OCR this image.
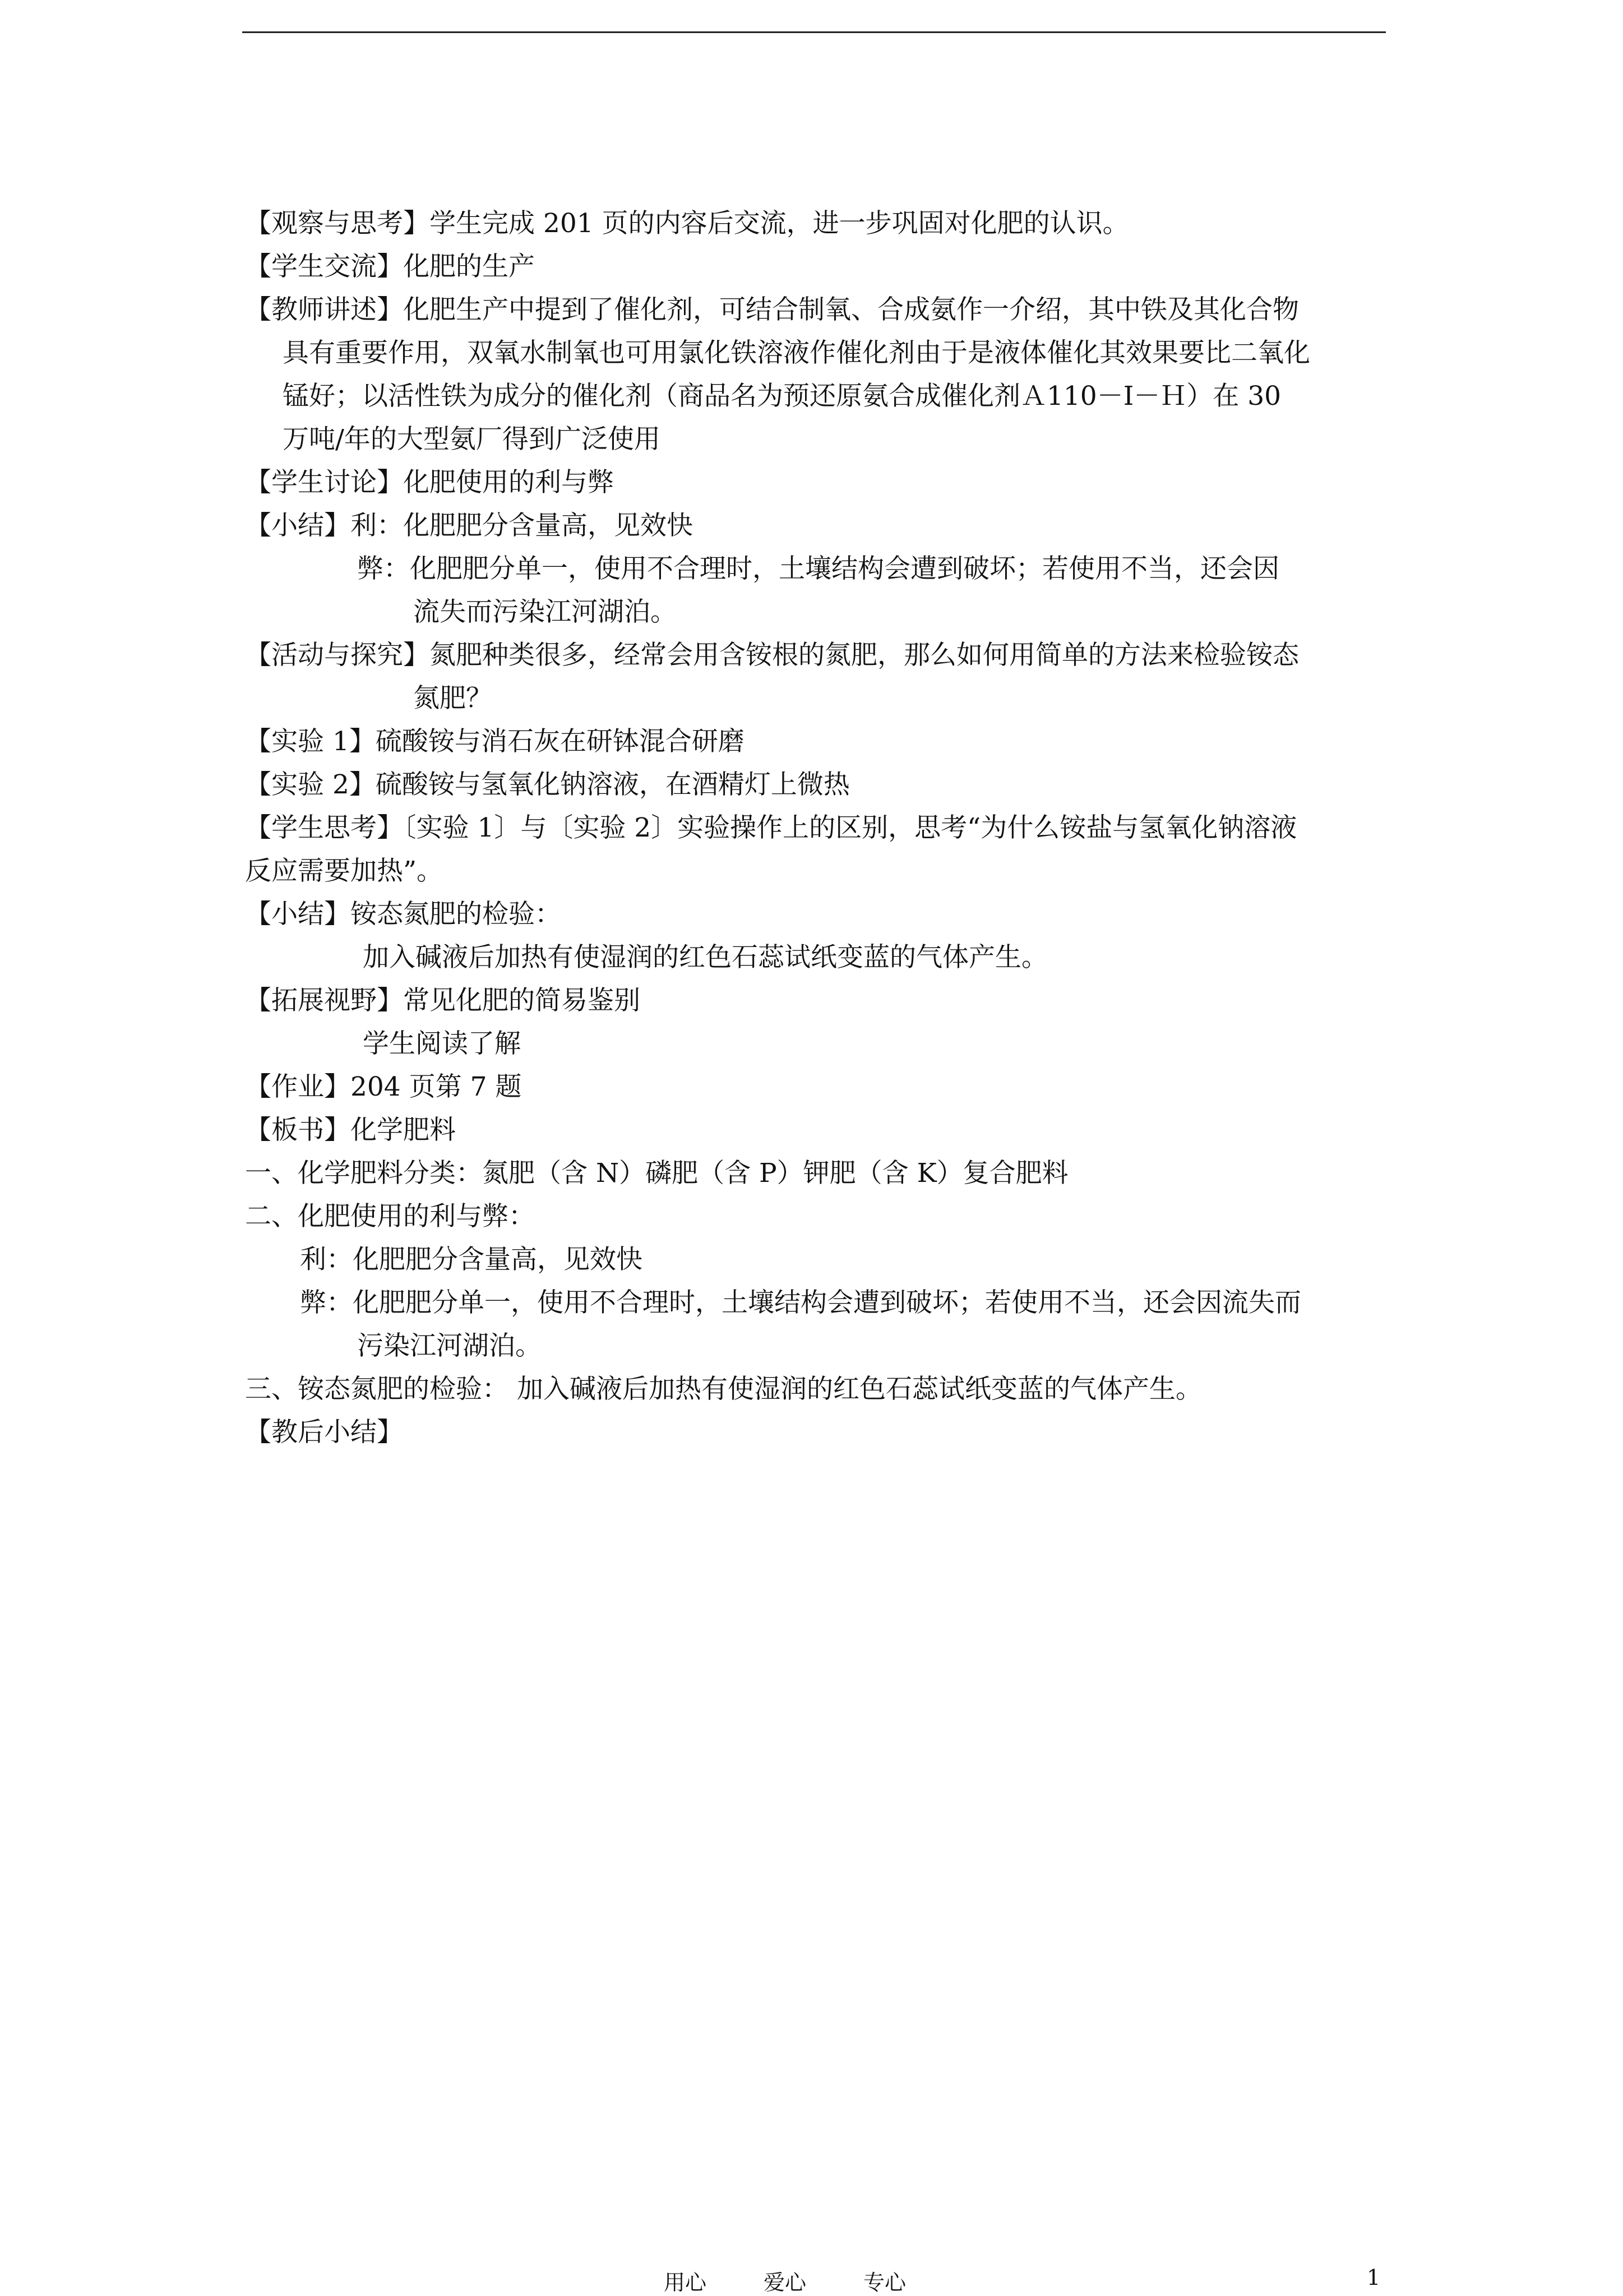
【观察与思考】学生完成 201 页的内容后交流，进一步巩固对化肥的认识。
【学生交流】化肥的生产
【教师讲述】化肥生产中提到了催化剂，可结合制氧、合成氨作一介绍，其中铁及其化合物
具有重要作用，双氧水制氧也可用氯化铁溶液作催化剂由于是液体催化其效果要比二氧化
锰好；以活性铁为成分的催化剂（商品名为预还原氨合成催化剂Ａ110－Ⅰ－Ｈ）在 30
万吨/年的大型氨厂得到广泛使用
【学生讨论】化肥使用的利与弊
【小结】利：化肥肥分含量高，见效快
弊：化肥肥分单一，使用不合理时，土壤结构会遭到破坏；若使用不当，还会因
流失而污染江河湖泊。
【活动与探究】氮肥种类很多，经常会用含铵根的氮肥，那么如何用简单的方法来检验铵态
氮肥？
【实验 1】硫酸铵与消石灰在研钵混合研磨
【实验 2】硫酸铵与氢氧化钠溶液，在酒精灯上微热
【学生思考】〔实验 1〕与〔实验 2〕实验操作上的区别，思考“为什么铵盐与氢氧化钠溶液
反应需要加热”。
【小结】铵态氮肥的检验：
加入碱液后加热有使湿润的红色石蕊试纸变蓝的气体产生。
【拓展视野】常见化肥的简易鉴别
学生阅读了解
【作业】204 页第 7 题
【板书】化学肥料
一、化学肥料分类：氮肥（含 N）磷肥（含 P）钾肥（含 K）复合肥料
二、化肥使用的利与弊：
利：化肥肥分含量高，见效快
弊：化肥肥分单一，使用不合理时，土壤结构会遭到破坏；若使用不当，还会因流失而
污染江河湖泊。
三、铵态氮肥的检验： 加入碱液后加热有使湿润的红色石蕊试纸变蓝的气体产生。
【教后小结】
用心	爱心	专心	1
